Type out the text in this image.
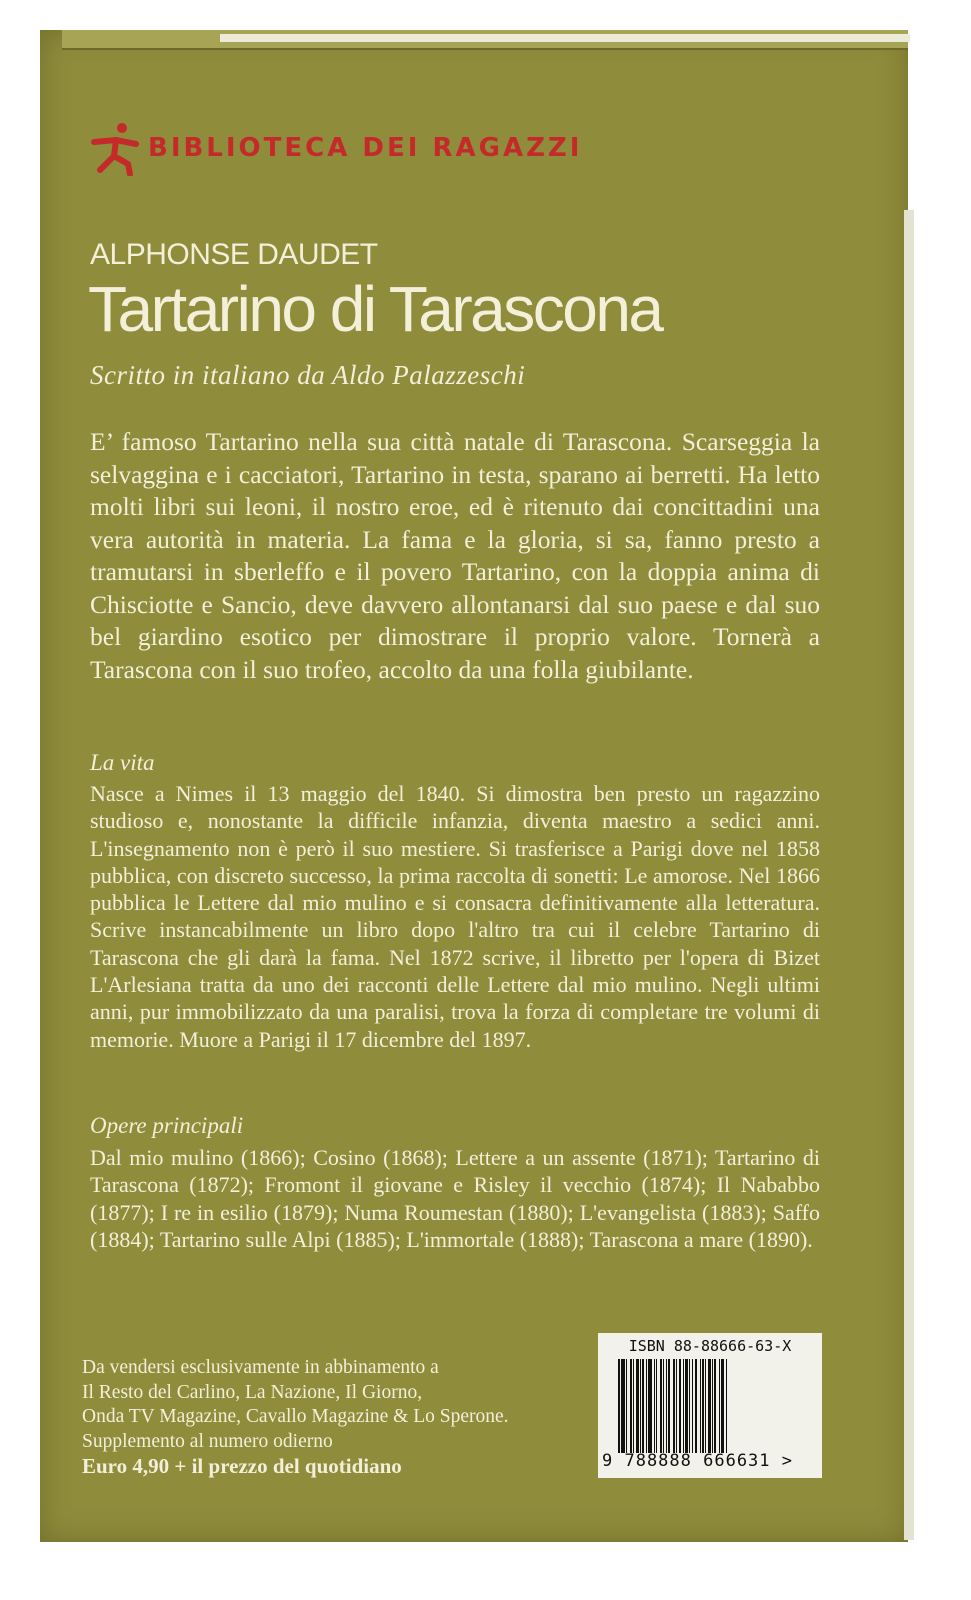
BIBLIOTECA DEI RAGAZZI
ALPHONSE DAUDET
Tartarino di Tarascona
Scritto in italiano da Aldo Palazzeschi
E’ famoso Tartarino nella sua città natale di Tarascona. Scarseggia la selvaggina e i cacciatori, Tartarino in testa, sparano ai berretti. Ha letto molti libri sui leoni, il nostro eroe, ed è ritenuto dai concittadini una vera autorità in materia. La fama e la gloria, si sa, fanno presto a tramutarsi in sberleffo e il povero Tartarino, con la doppia anima di Chisciotte e Sancio, deve davvero allontanarsi dal suo paese e dal suo bel giardino esotico per dimostrare il proprio valore. Tornerà a Tarascona con il suo trofeo, accolto da una folla giubilante.
La vita
Nasce a Nimes il 13 maggio del 1840. Si dimostra ben presto un ragazzino studioso e, nonostante la difficile infanzia, diventa maestro a sedici anni. L'insegnamento non è però il suo mestiere. Si trasferisce a Parigi dove nel 1858 pubblica, con discreto successo, la prima raccolta di sonetti: Le amorose. Nel 1866 pubblica le Lettere dal mio mulino e si consacra definitivamente alla letteratura. Scrive instancabilmente un libro dopo l'altro tra cui il celebre Tartarino di Tarascona che gli darà la fama. Nel 1872 scrive, il libretto per l'opera di Bizet L'Arlesiana tratta da uno dei racconti delle Lettere dal mio mulino. Negli ultimi anni, pur immobilizzato da una paralisi, trova la forza di completare tre volumi di memorie. Muore a Parigi il 17 dicembre del 1897.
Opere principali
Dal mio mulino (1866); Cosino (1868); Lettere a un assente (1871); Tartarino di Tarascona (1872); Fromont il giovane e Risley il vecchio (1874); Il Nababbo (1877); I re in esilio (1879); Numa Roumestan (1880); L'evangelista (1883); Saffo (1884); Tartarino sulle Alpi (1885); L'immortale (1888); Tarascona a mare (1890).
Da vendersi esclusivamente in abbinamento a
Il Resto del Carlino, La Nazione, Il Giorno,
Onda TV Magazine, Cavallo Magazine & Lo Sperone.
Supplemento al numero odierno
Euro 4,90 + il prezzo del quotidiano
ISBN 88-88666-63-X
9 788888 666631 >
